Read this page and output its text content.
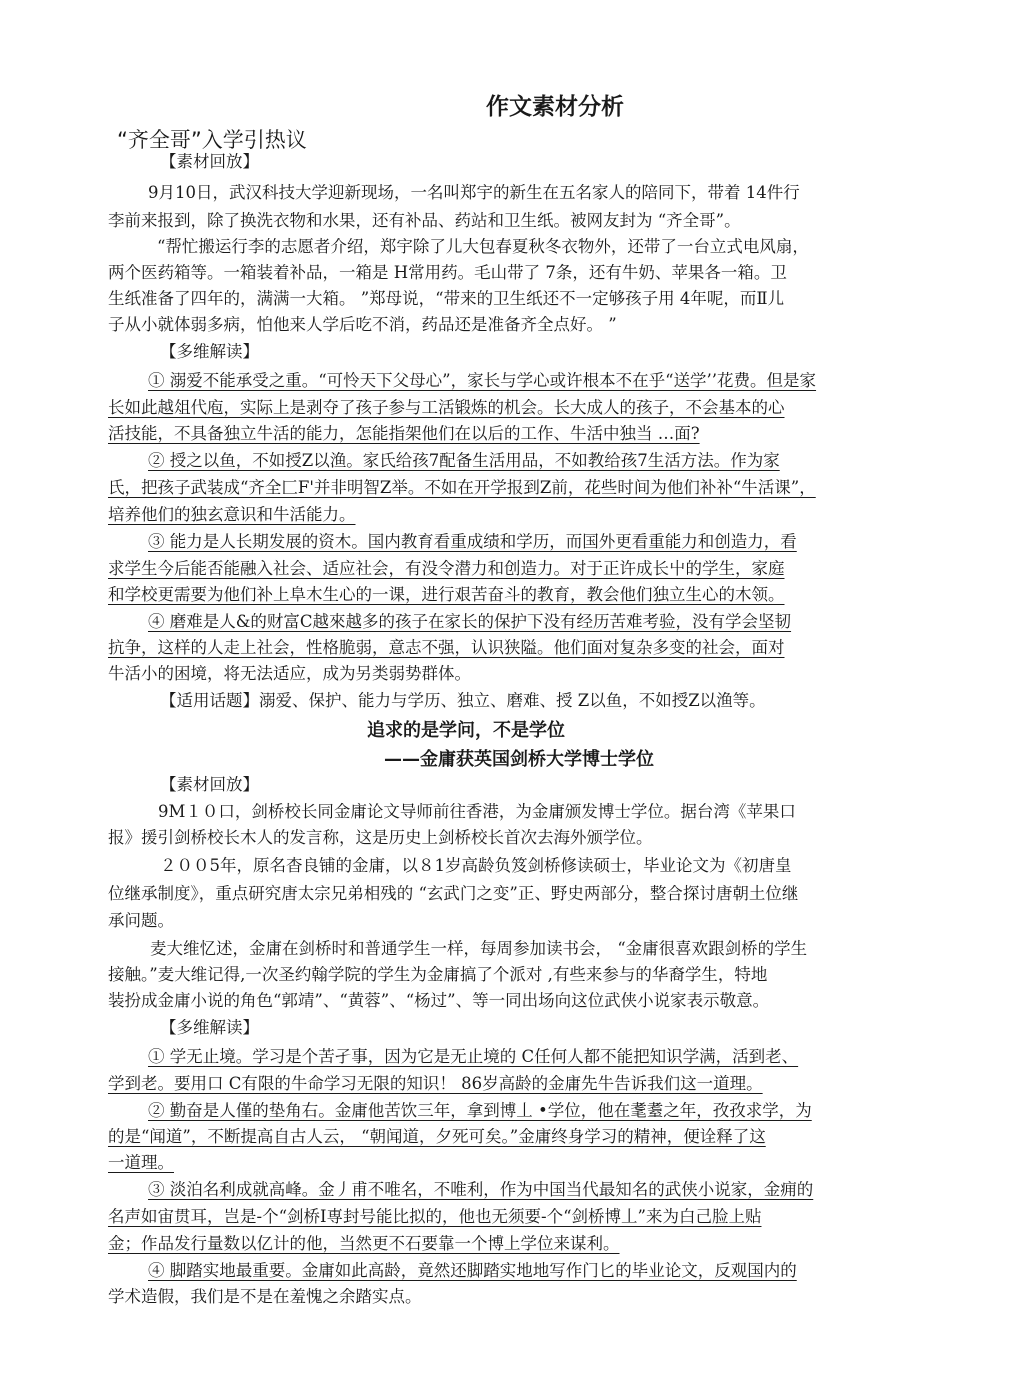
作文素材分析
“齐全哥”入学引热议
【素材回放】
9月10日，武汉科技大学迎新现场，一名叫郑宇的新生在五名家人的陪同下，带着 14件行
李前来报到，除了换洗衣物和水果，还有补品、药站和卫生纸。被网友封为 “齐全哥”。
“帮忙搬运行李的志愿者介绍，郑宇除了儿大包春夏秋冬衣物外，还带了一台立式电风扇，
两个医药箱等。一箱装着补品，一箱是 H常用药。毛山带了 7条，还有牛奶、苹果各一箱。卫
生纸准备了四年的，满满一大箱。 ”郑母说，“带来的卫生纸还不一定够孩子用 4年呢，而Ⅱ儿
子从小就体弱多病，怕他来人学后吃不消，药品还是准备齐全点好。 ”
【多维解读】
① 溺爱不能承受之重。“可怜天下父母心”，家长与学心或许根本不在乎“送学’’花费。但是家
长如此越俎代庖，实际上是剥夺了孩子参与工活锻炼的机会。长大成人的孩子，不会基本的心
活技能，不具备独立牛活的能力，怎能指架他们在以后的工作、牛活中独当 …面?
② 授之以鱼，不如授Z以渔。家氏给孩7配备生活用品，不如教给孩7生活方法。作为家
氏，把孩子武装成“齐全匚F'并非明智Z举。不如在开学报到Z前，花些时间为他们补补“牛活课”，
培养他们的独玄意识和牛活能力。
③ 能力是人长期发展的资木。国内教育看重成绩和学历，而国外更看重能力和创造力，看
求学生今后能否能融入社会、适应社会，有没令潜力和创造力。对于正许成长屮的学生，家庭
和学校更需要为他们补上阜木生心的一课，进行艰苦奋斗的教育，教会他们独立生心的木领。
④ 磨难是人&的财富C越來越多的孩子在家长的保护下没有经历苦难考验，没有学会坚韧
抗争，这样的人走上社会，性格脆弱，意志不强，认识狭隘。他们面对复杂多变的社会，面对
牛活小的困境，将无法适应，成为另类弱势群体。
【适用话题】溺爱、保护、能力与学历、独立、磨难、授 Z以鱼，不如授Z以渔等。
追求的是学问，不是学位
——金庸获英国剑桥大学博士学位
【素材回放】
9M１０口，剑桥校长同金庸论文导师前往香港，为金庸颁发博士学位。据台湾《苹果口
报》援引剑桥校长木人的发言称，这是历史上剑桥校长首次去海外颁学位。
２００5年，原名杳良铺的金庸，以８1岁高龄负笈剑桥修读硕士，毕业论文为《初唐皇
位继承制度》，重点研究唐太宗兄弟相残的 “玄武门之变”正、野史两部分，整合探讨唐朝土位继
承问题。
麦大维忆述，金庸在剑桥时和普通学生一样，每周参加读书会， “金庸很喜欢跟剑桥的学生
接触。”麦大维记得,一次圣约翰学院的学生为金庸搞了个派对 ,有些来参与的华裔学生，特地
装扮成金庸小说的角色“郭靖”、“黄蓉”、“杨过”、等一同出场向这位武侠小说家表示敬意。
【多维解读】
① 学无止境。学习是个苦孑事，因为它是无止境的 C任何人都不能把知识学满，活到老、
学到老。要用口 C有限的牛命学习无限的知识！ 86岁高龄的金庸先牛告诉我们这一道理。
② 勤奋是人僅的垫角右。金庸他苦饮三年，拿到博丄 •学位，他在耄耋之年，孜孜求学，为
的是“闻道”，不断提高自古人云， “朝闻道，夕死可矣。”金庸终身学习的精神，便诠释了这
一道理。
③ 淡泊名利成就高峰。金丿甫不唯名，不唯利，作为中国当代最知名的武侠小说家，金痈的
名声如宙贯耳，岂是-个“剑桥I専封号能比拟的，他也无须要-个“剑桥博丄”来为白己脸上贴
金；作品发行量数以亿计的他，当然更不石要靠一个博上学位来谋利。
④ 脚踏实地最重要。金庸如此高龄，竟然还脚踏实地地写作门匕的毕业论文，反观国内的
学术造假，我们是不是在羞愧之余踏实点。
